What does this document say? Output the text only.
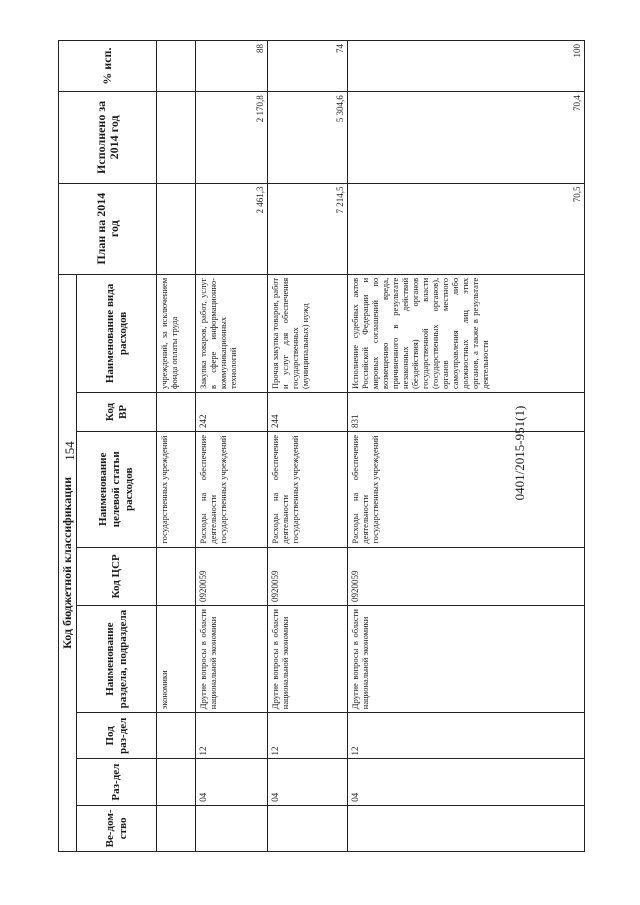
154	0401/2015-951(1)
Код бюджетной классификации								План на 2014 год	Исполнено за 2014 год	% исп.
Ве-дом-ство	Раз-дел	Под раз-дел	Наименование раздела, подраздела	Код ЦСР	Наименование целевой статьи расходов	Код ВР	Наименование вида расходов			
			экономики		государственных учреждений		учреждений, за исключением фонда оплаты труда			
	04	12	Другие вопросы в области национальной экономики	0920059	Расходы на обеспечение деятельности государственных учреждений	242	Закупка товаров, работ, услуг в сфере информационно-коммуникационных технологий	2 461,3	2 170,8	88
	04	12	Другие вопросы в области национальной экономики	0920059	Расходы на обеспечение деятельности государственных учреждений	244	Прочая закупка товаров, работ и услуг для обеспечения государственных (муниципальных) нужд	7 214,5	5 304,6	74
	04	12	Другие вопросы в области национальной экономики	0920059	Расходы на обеспечение деятельности государственных учреждений	831	Исполнение судебных актов Российской Федерации и мировых соглашений по возмещению вреда, причиненного в результате незаконных действий (бездействия) органов государственной власти (государственных органов), органов местного самоуправления либо должностных лиц этих органов, а также в результате деятельности	70,5	70,4	100
